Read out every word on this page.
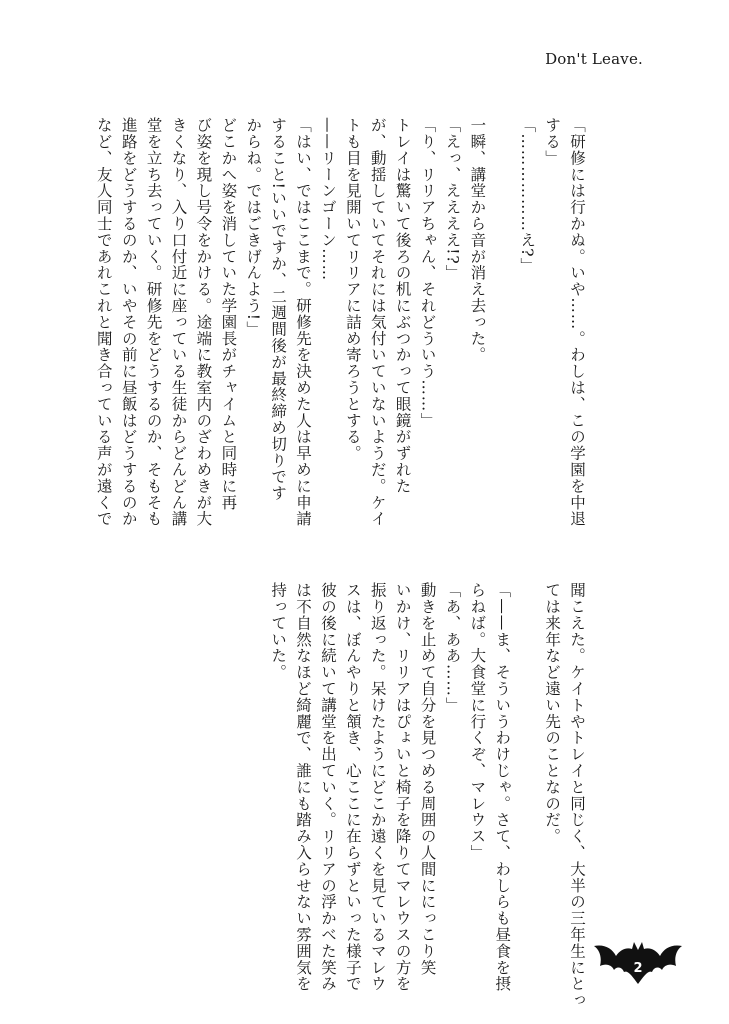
Don't Leave.

「研修には行かぬ。いや……。わしは、この学園を中退

する」

「………………え?」

一瞬、講堂から音が消え去った。

「えっ、ええええ!?」

「り、リリアちゃん、それどういう……」

トレイは驚いて後ろの机にぶつかって眼鏡がずれた

が、動揺していてそれには気付いていないようだ。ケイ

トも目を見開いてリリアに詰め寄ろうとする。

——リーンゴーン……

「はい、ではここまで。研修先を決めた人は早めに申請

すること!いいですか、二週間後が最終締め切りです

からね。ではごきげんよう!」

どこかへ姿を消していた学園長がチャイムと同時に再

び姿を現し号令をかける。途端に教室内のざわめきが大

きくなり、入り口付近に座っている生徒からどんどん講

堂を立ち去っていく。研修先をどうするのか、そもそも

進路をどうするのか、いやその前に昼飯はどうするのか

など、友人同士であれこれと聞き合っている声が遠くで

聞こえた。ケイトやトレイと同じく、大半の三年生にとっ

ては来年など遠い先のことなのだ。

「——ま、そういうわけじゃ。さて、わしらも昼食を摂

らねば。大食堂に行くぞ、マレウス」

「あ、ああ……」

動きを止めて自分を見つめる周囲の人間ににっこり笑

いかけ、リリアはぴょいと椅子を降りてマレウスの方を

振り返った。呆けたようにどこか遠くを見ているマレウ

スは、ぼんやりと頷き、心ここに在らずといった様子で

彼の後に続いて講堂を出ていく。リリアの浮かべた笑み

は不自然なほど綺麗で、誰にも踏み入らせない雰囲気を

持っていた。

2
